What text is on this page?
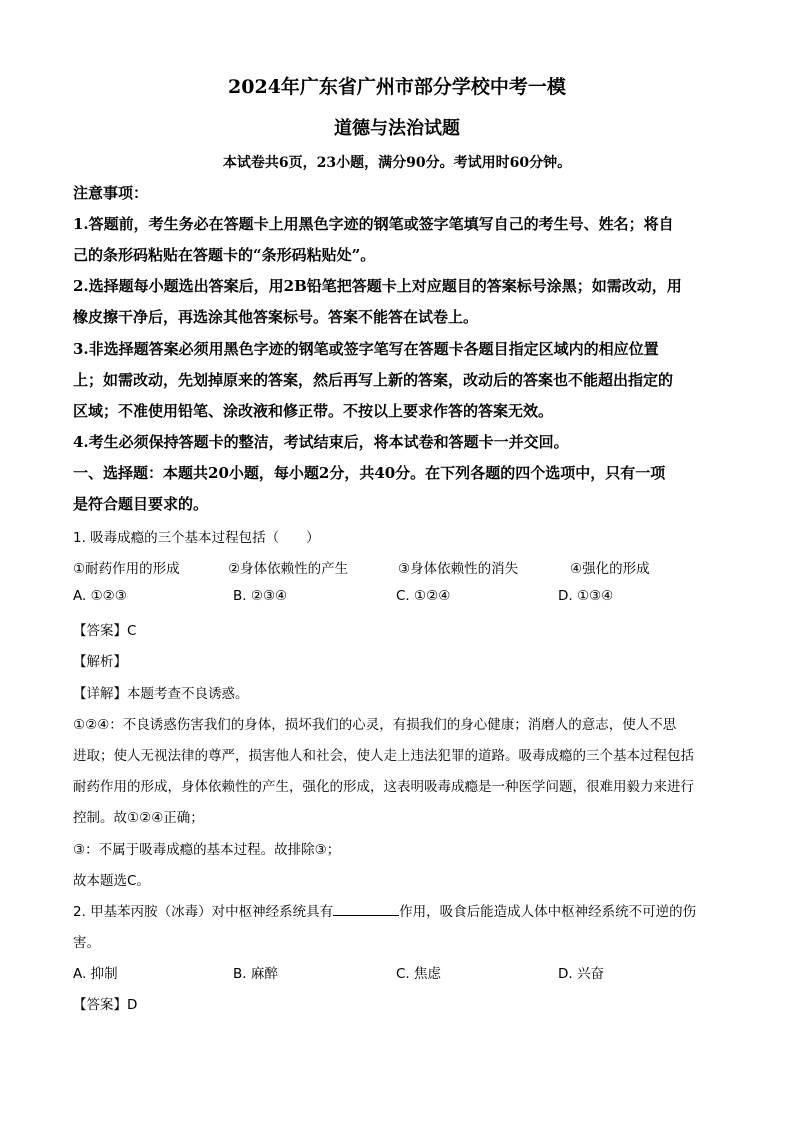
2024年广东省广州市部分学校中考一模
道德与法治试题
本试卷共6页，23小题，满分90分。考试用时60分钟。
注意事项：
1.答题前，考生务必在答题卡上用黑色字迹的钢笔或签字笔填写自己的考生号、姓名；将自
己的条形码粘贴在答题卡的“条形码粘贴处”。
2.选择题每小题选出答案后，用2B铅笔把答题卡上对应题目的答案标号涂黑；如需改动，用
橡皮擦干净后，再选涂其他答案标号。答案不能答在试卷上。
3.非选择题答案必须用黑色字迹的钢笔或签字笔写在答题卡各题目指定区域内的相应位置
上；如需改动，先划掉原来的答案，然后再写上新的答案，改动后的答案也不能超出指定的
区域；不准使用铅笔、涂改液和修正带。不按以上要求作答的答案无效。
4.考生必须保持答题卡的整洁，考试结束后，将本试卷和答题卡一并交回。
一、选择题：本题共20小题，每小题2分，共40分。在下列各题的四个选项中，只有一项
是符合题目要求的。
1. 吸毒成瘾的三个基本过程包括（　　）
①耐药作用的形成	②身体依赖性的产生	③身体依赖性的消失	④强化的形成
A. ①②③	B. ②③④	C. ①②④	D. ①③④
【答案】C
【解析】
【详解】本题考查不良诱惑。
①②④：不良诱惑伤害我们的身体，损坏我们的心灵，有损我们的身心健康；消磨人的意志，使人不思
进取；使人无视法律的尊严，损害他人和社会，使人走上违法犯罪的道路。吸毒成瘾的三个基本过程包括
耐药作用的形成，身体依赖性的产生，强化的形成，这表明吸毒成瘾是一种医学问题，很难用毅力来进行
控制。故①②④正确；
③：不属于吸毒成瘾的基本过程。故排除③；
故本题选C。
2. 甲基苯丙胺（冰毒）对中枢神经系统具有	作用，吸食后能造成人体中枢神经系统不可逆的伤
害。
A. 抑制	B. 麻醉	C. 焦虑	D. 兴奋
【答案】D
